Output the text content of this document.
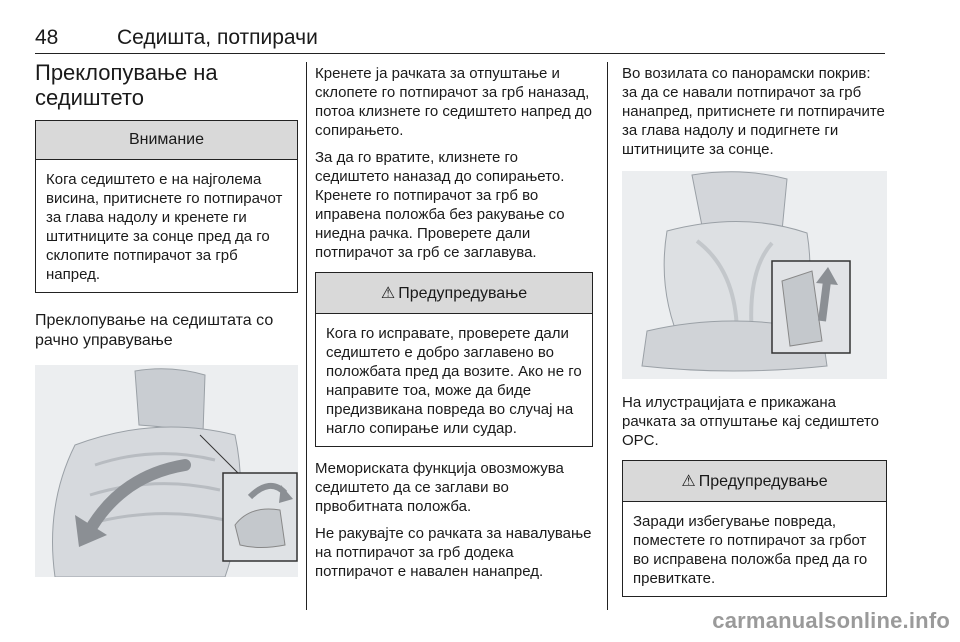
48	Седишта, потпирачи
Преклопување на седиштето
Внимание
Кога седиштето е на најголема висина, притиснете го потпирачот за глава надолу и кренете ги штитниците за сонце пред да го склопите потпирачот за грб напред.
Преклопување на седиштата со рачно управување

Кренете ја рачката за отпуштање и склопете го потпирачот за грб наназад, потоа клизнете го седиштето напред до сопирањето.

За да го вратите, клизнете го седиштето наназад до сопирањето. Кренете го потпирачот за грб во иправена положба без ракување со ниедна рачка. Проверете дали потпирачот за грб се заглавува.

⚠ Предупредување
Кога го исправате, проверете дали седиштето е добро заглавено во положбата пред да возите. Ако не го направите тоа, може да биде предизвикана повреда во случај на нагло сопирање или судар.

Мемориската функција овозможува седиштето да се заглави во првобитната положба.

Не ракувајте со рачката за навалување на потпирачот за грб додека потпирачот е навален нанапред.

Во возилата со панорамски покрив: за да се навали потпирачот за грб нанапред, притиснете ги потпирачите за глава надолу и подигнете ги штитниците за сонце.

На илустрацијата е прикажана рачката за отпуштање кај седиштето OPC.

⚠ Предупредување
Заради избегување повреда, поместете го потпирачот за грбот во исправена положба пред да го превиткате.
carmanualsonline.info
